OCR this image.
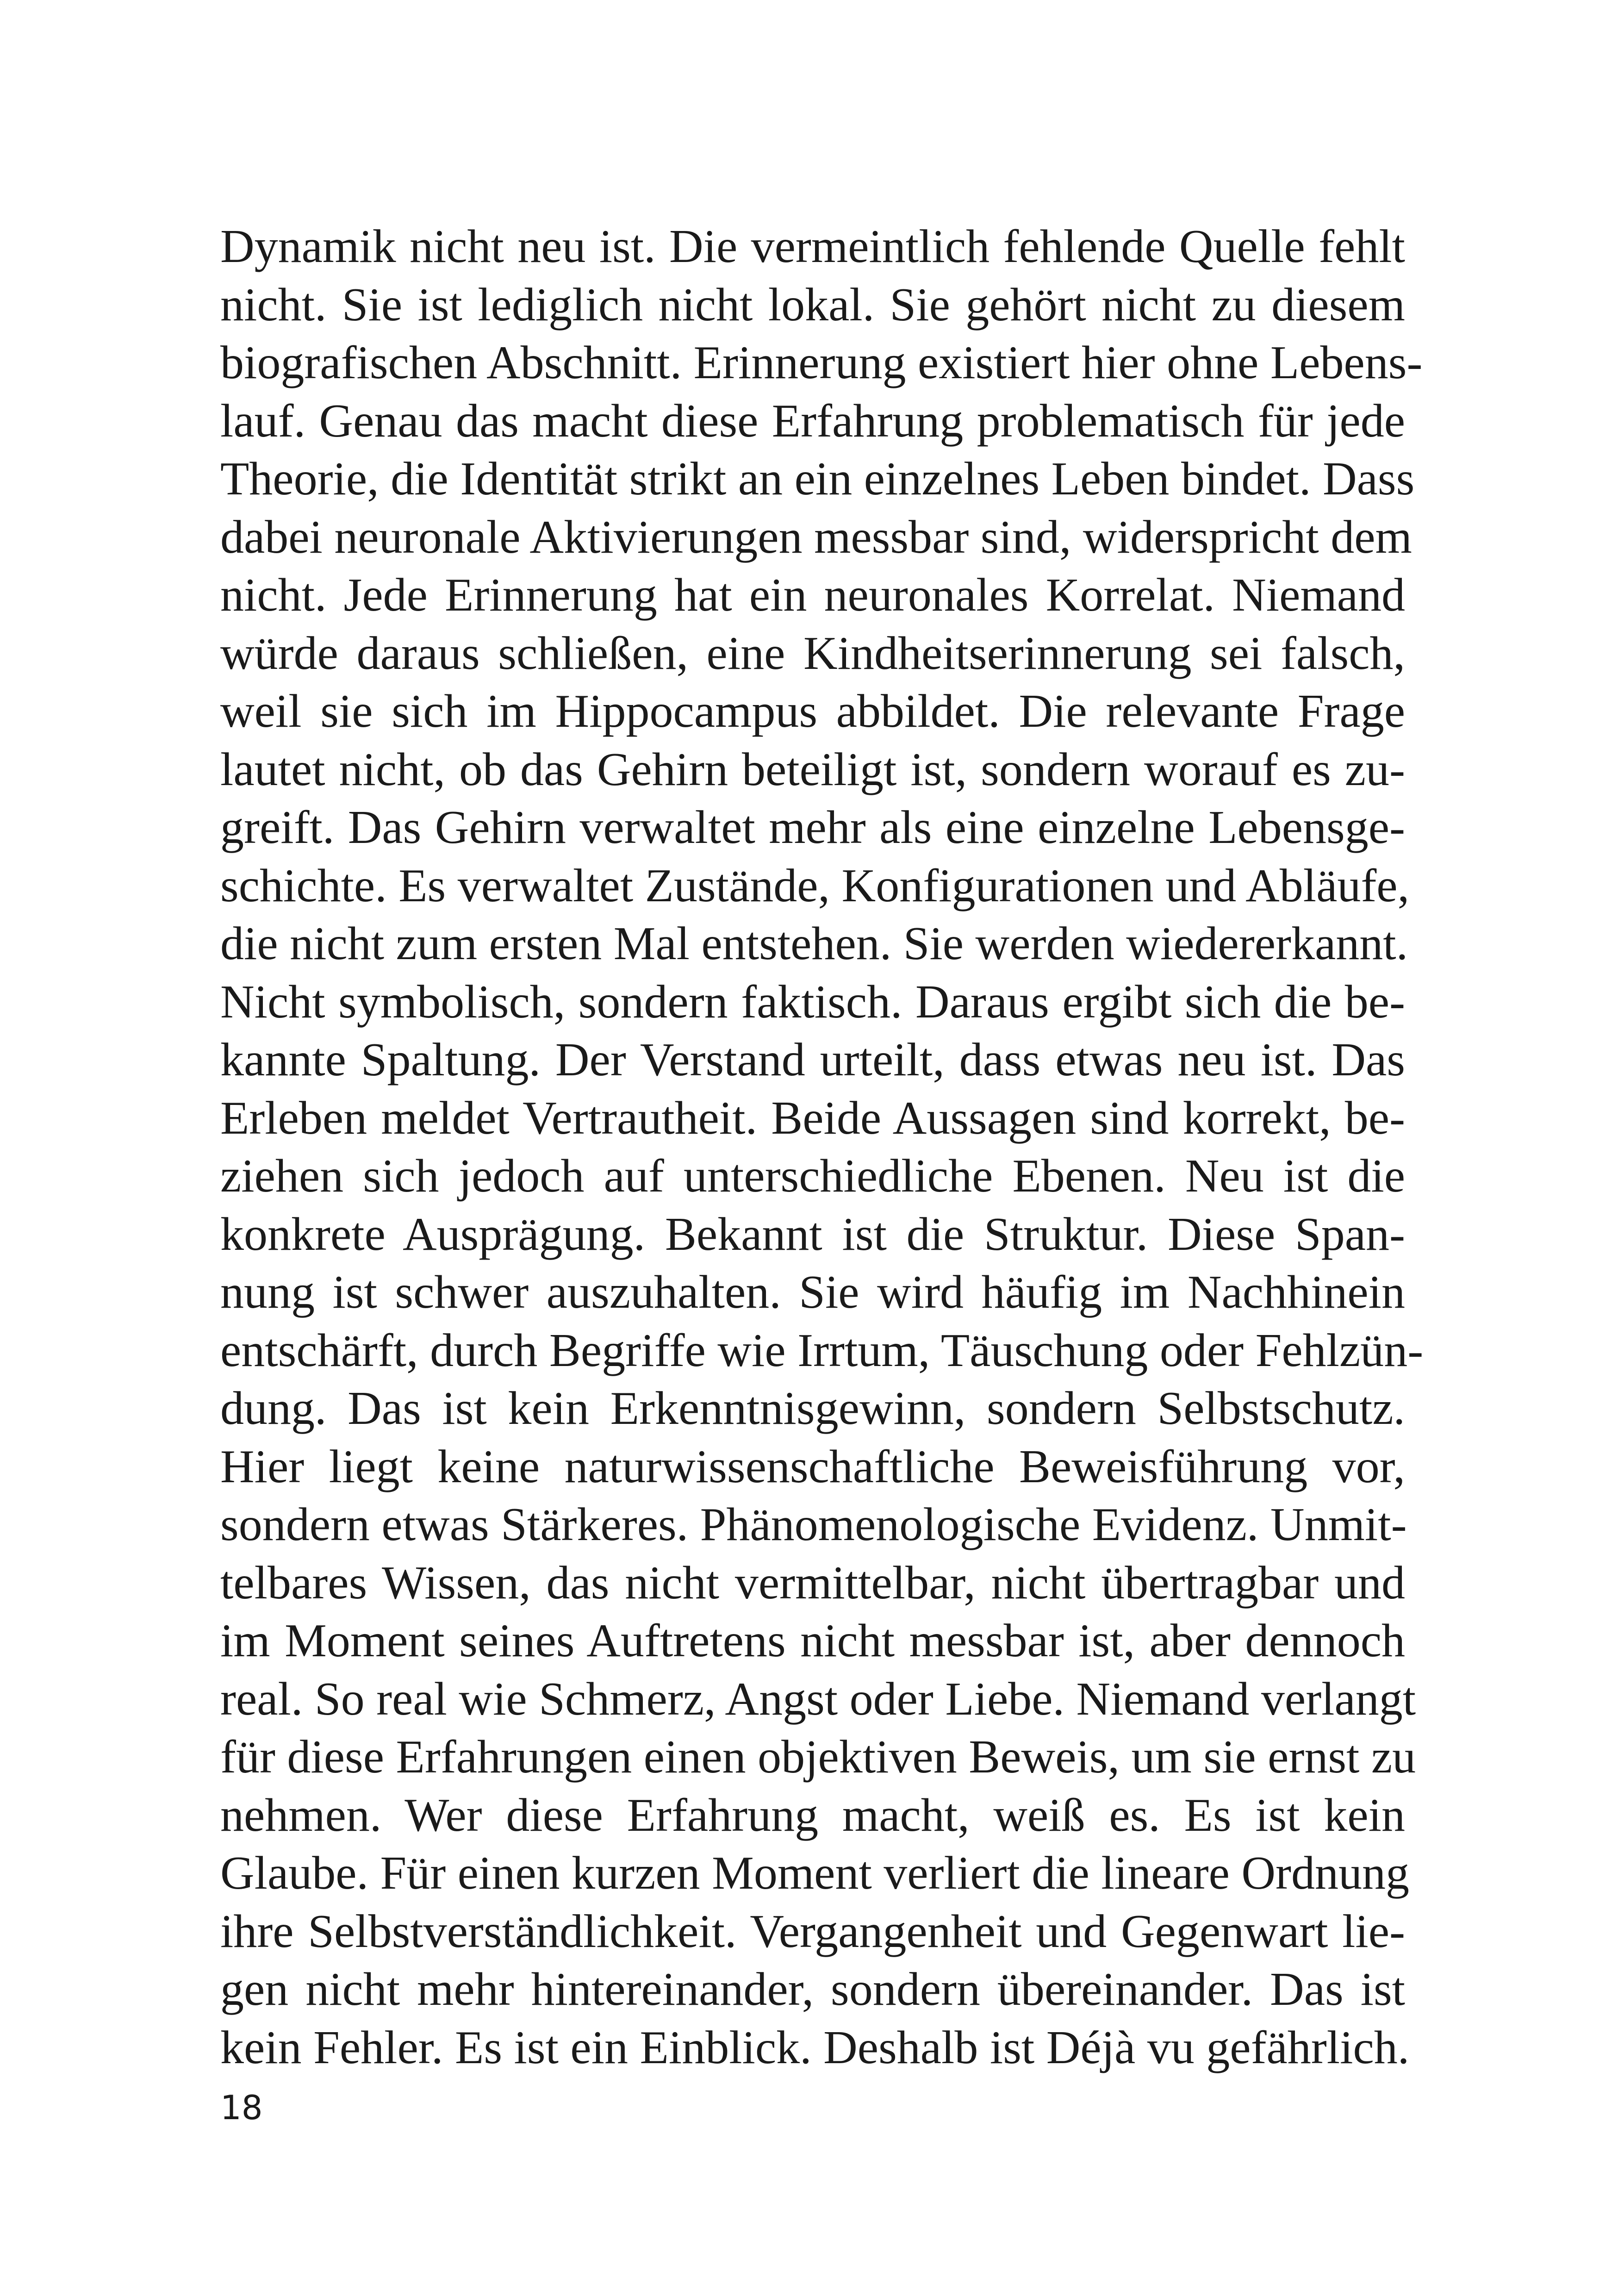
Dynamik nicht neu ist. Die vermeintlich fehlende Quelle fehlt
nicht. Sie ist lediglich nicht lokal. Sie gehört nicht zu diesem
biografischen Abschnitt. Erinnerung existiert hier ohne Lebens-
lauf. Genau das macht diese Erfahrung problematisch für jede
Theorie, die Identität strikt an ein einzelnes Leben bindet. Dass
dabei neuronale Aktivierungen messbar sind, widerspricht dem
nicht. Jede Erinnerung hat ein neuronales Korrelat. Niemand
würde daraus schließen, eine Kindheitserinnerung sei falsch,
weil sie sich im Hippocampus abbildet. Die relevante Frage
lautet nicht, ob das Gehirn beteiligt ist, sondern worauf es zu-
greift. Das Gehirn verwaltet mehr als eine einzelne Lebensge-
schichte. Es verwaltet Zustände, Konfigurationen und Abläufe,
die nicht zum ersten Mal entstehen. Sie werden wiedererkannt.
Nicht symbolisch, sondern faktisch. Daraus ergibt sich die be-
kannte Spaltung. Der Verstand urteilt, dass etwas neu ist. Das
Erleben meldet Vertrautheit. Beide Aussagen sind korrekt, be-
ziehen sich jedoch auf unterschiedliche Ebenen. Neu ist die
konkrete Ausprägung. Bekannt ist die Struktur. Diese Span-
nung ist schwer auszuhalten. Sie wird häufig im Nachhinein
entschärft, durch Begriffe wie Irrtum, Täuschung oder Fehlzün-
dung. Das ist kein Erkenntnisgewinn, sondern Selbstschutz.
Hier liegt keine naturwissenschaftliche Beweisführung vor,
sondern etwas Stärkeres. Phänomenologische Evidenz. Unmit-
telbares Wissen, das nicht vermittelbar, nicht übertragbar und
im Moment seines Auftretens nicht messbar ist, aber dennoch
real. So real wie Schmerz, Angst oder Liebe. Niemand verlangt
für diese Erfahrungen einen objektiven Beweis, um sie ernst zu
nehmen. Wer diese Erfahrung macht, weiß es. Es ist kein
Glaube. Für einen kurzen Moment verliert die lineare Ordnung
ihre Selbstverständlichkeit. Vergangenheit und Gegenwart lie-
gen nicht mehr hintereinander, sondern übereinander. Das ist
kein Fehler. Es ist ein Einblick. Deshalb ist Déjà vu gefährlich.
18
